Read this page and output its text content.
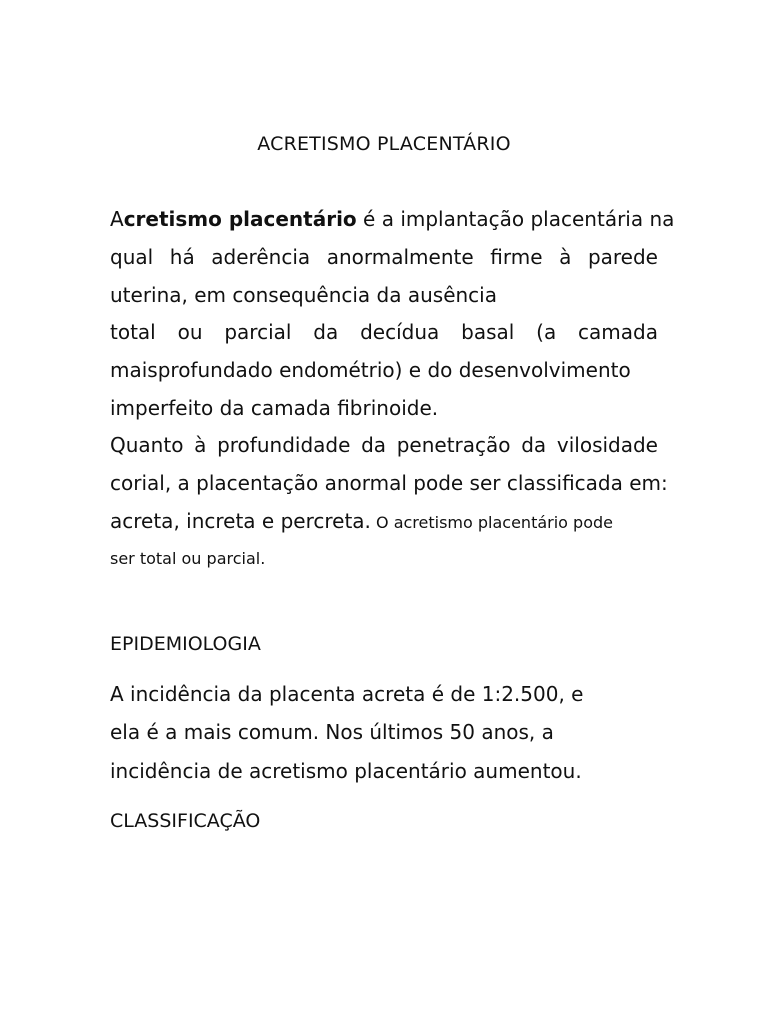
ACRETISMO PLACENTÁRIO
Acretismo placentário é a implantação placentária na
qual há aderência anormalmente firme à parede
uterina, em consequência da ausência
total ou parcial da decídua basal (a camada
maisprofundado endométrio) e do desenvolvimento
imperfeito da camada fibrinoide.
Quanto à profundidade da penetração da vilosidade
corial, a placentação anormal pode ser classificada em:
acreta, increta e percreta. O acretismo placentário pode
ser total ou parcial.
EPIDEMIOLOGIA
A incidência da placenta acreta é de 1:2.500, e
ela é a mais comum. Nos últimos 50 anos, a
incidência de acretismo placentário aumentou.
CLASSIFICAÇÃO
